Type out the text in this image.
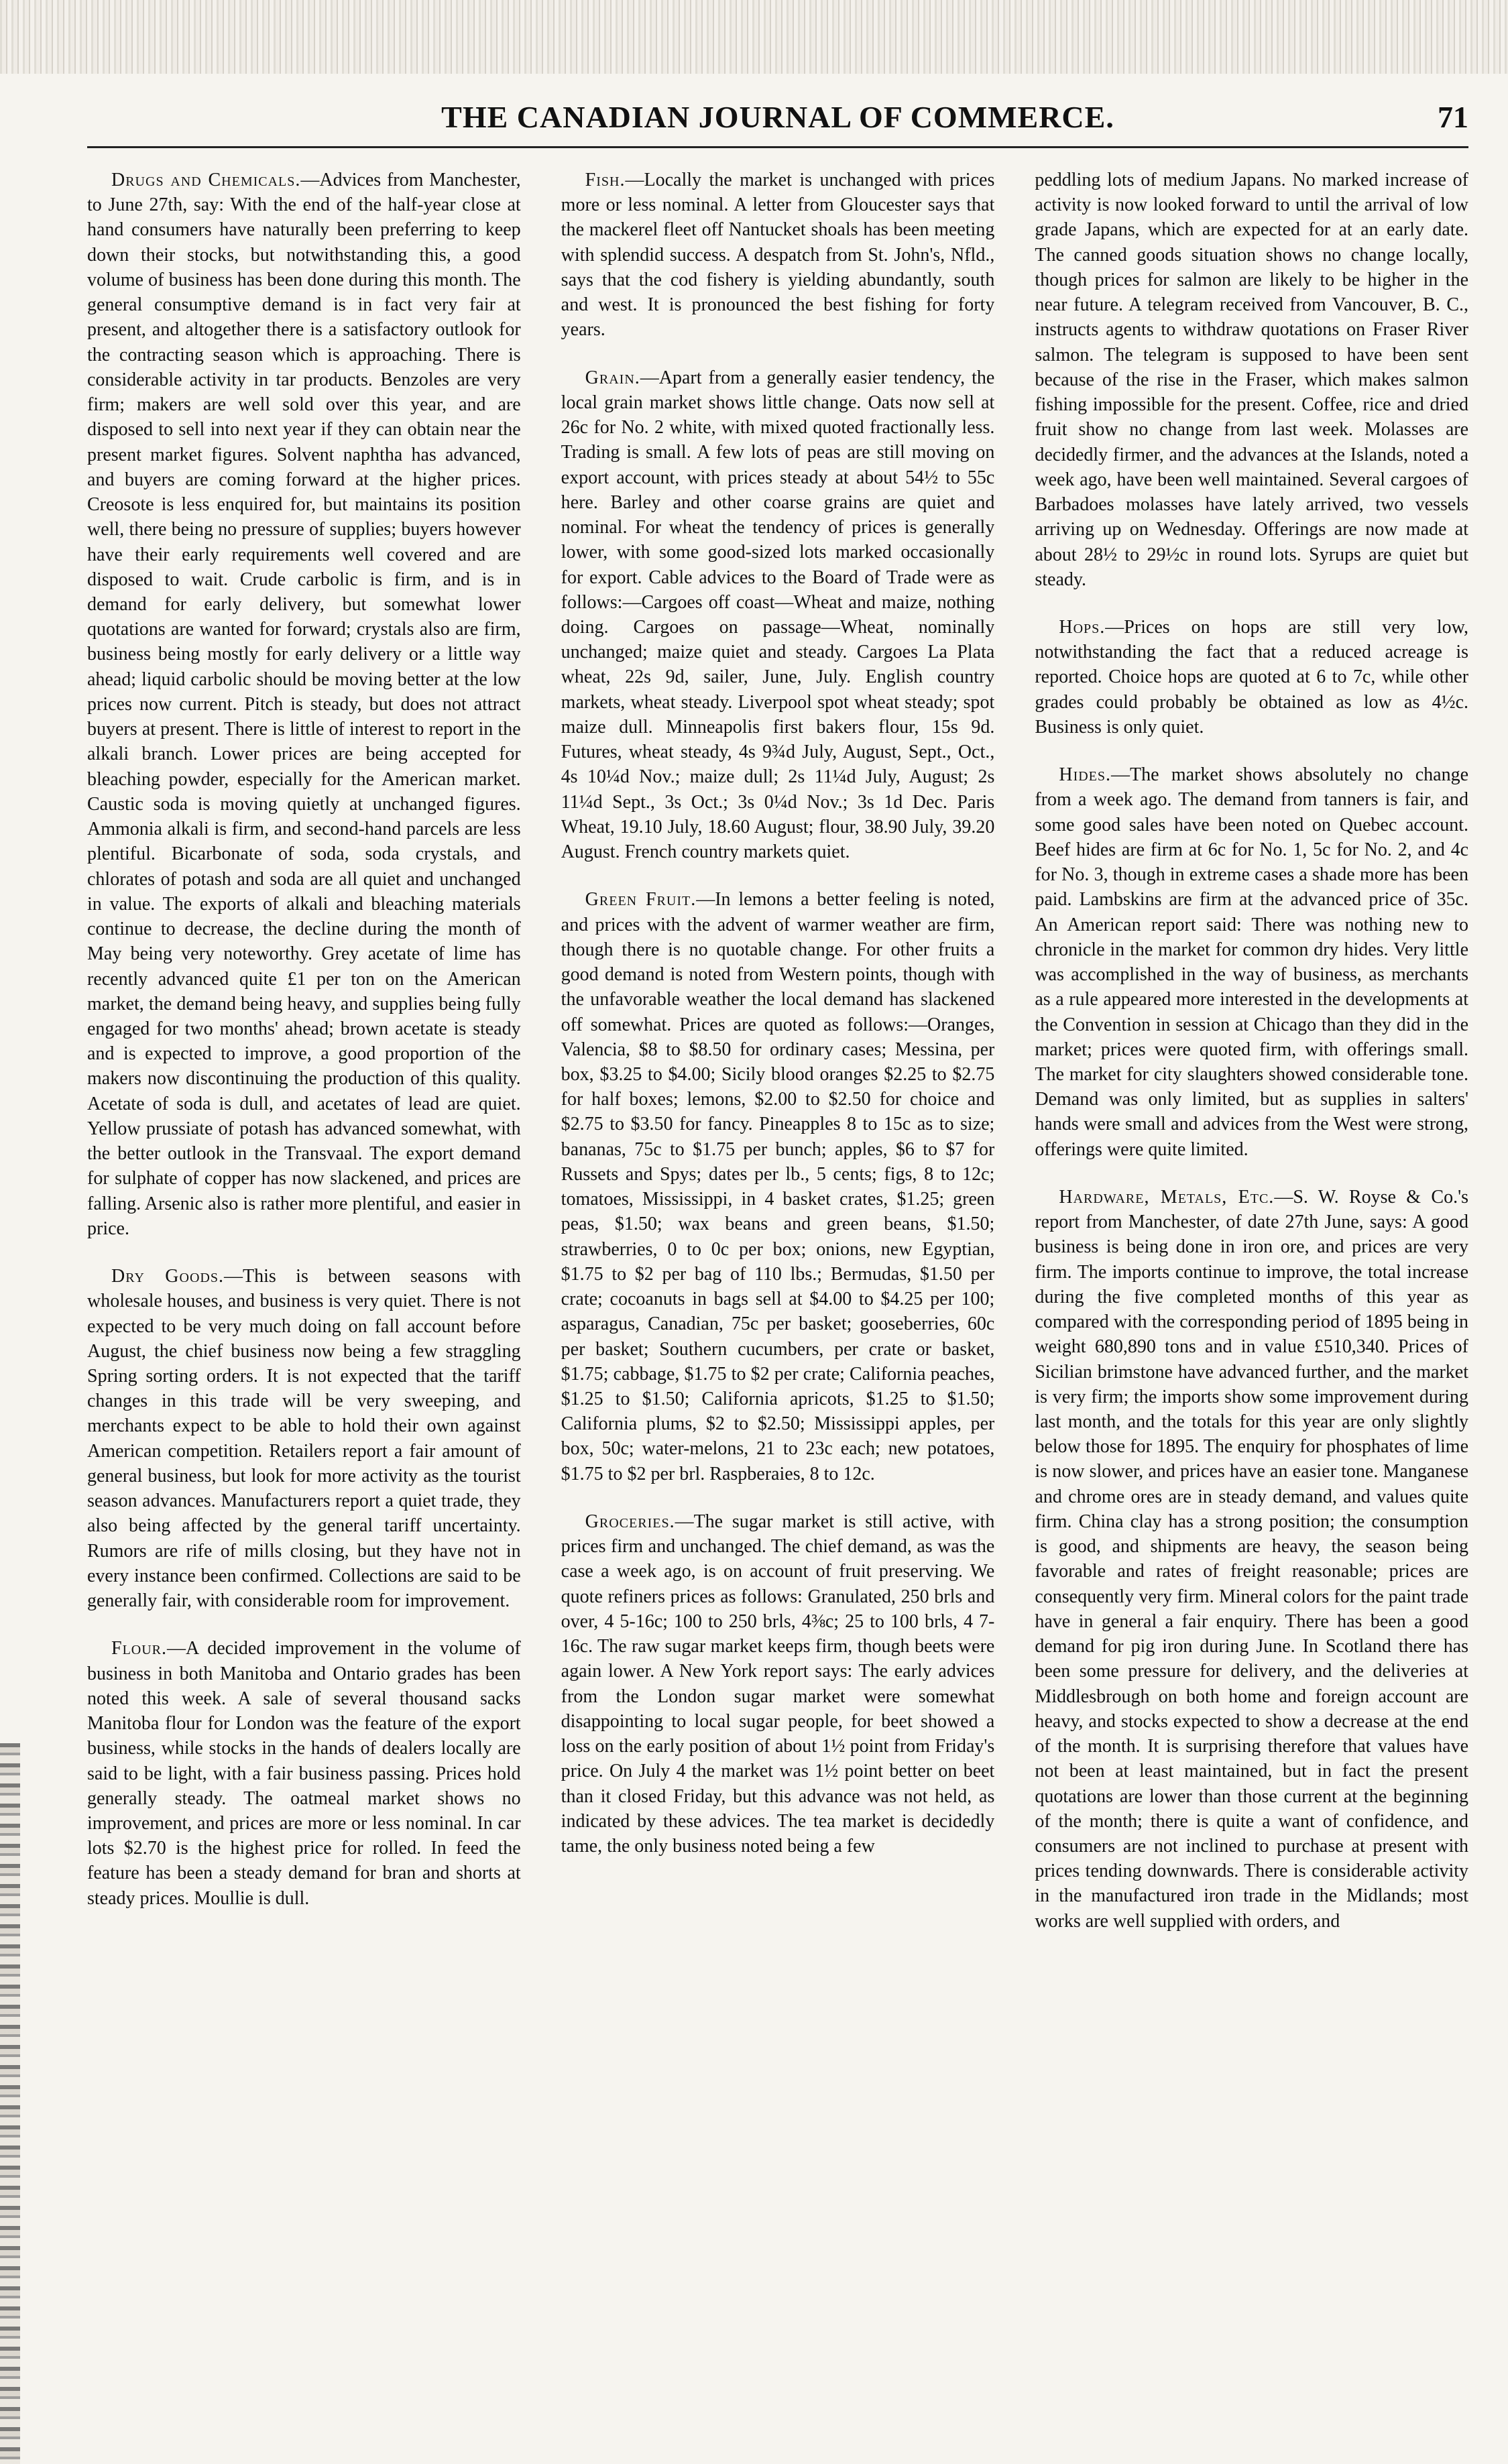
THE CANADIAN JOURNAL OF COMMERCE.	71

Drugs and Chemicals.—Advices from Manchester, to June 27th, say: With the end of the half-year close at hand consumers have naturally been preferring to keep down their stocks, but notwithstanding this, a good volume of business has been done during this month. The general consumptive demand is in fact very fair at present, and altogether there is a satisfactory outlook for the contracting season which is approaching. There is considerable activity in tar products. Benzoles are very firm; makers are well sold over this year, and are disposed to sell into next year if they can obtain near the present market figures. Solvent naphtha has advanced, and buyers are coming forward at the higher prices. Creosote is less enquired for, but maintains its position well, there being no pressure of supplies; buyers however have their early requirements well covered and are disposed to wait. Crude carbolic is firm, and is in demand for early delivery, but somewhat lower quotations are wanted for forward; crystals also are firm, business being mostly for early delivery or a little way ahead; liquid carbolic should be moving better at the low prices now current. Pitch is steady, but does not attract buyers at present. There is little of interest to report in the alkali branch. Lower prices are being accepted for bleaching powder, especially for the American market. Caustic soda is moving quietly at unchanged figures. Ammonia alkali is firm, and second-hand parcels are less plentiful. Bicarbonate of soda, soda crystals, and chlorates of potash and soda are all quiet and unchanged in value. The exports of alkali and bleaching materials continue to decrease, the decline during the month of May being very noteworthy. Grey acetate of lime has recently advanced quite £1 per ton on the American market, the demand being heavy, and supplies being fully engaged for two months' ahead; brown acetate is steady and is expected to improve, a good proportion of the makers now discontinuing the production of this quality. Acetate of soda is dull, and acetates of lead are quiet. Yellow prussiate of potash has advanced somewhat, with the better outlook in the Transvaal. The export demand for sulphate of copper has now slackened, and prices are falling. Arsenic also is rather more plentiful, and easier in price.

Dry Goods.—This is between seasons with wholesale houses, and business is very quiet. There is not expected to be very much doing on fall account before August, the chief business now being a few straggling Spring sorting orders. It is not expected that the tariff changes in this trade will be very sweeping, and merchants expect to be able to hold their own against American competition. Retailers report a fair amount of general business, but look for more activity as the tourist season advances. Manufacturers report a quiet trade, they also being affected by the general tariff uncertainty. Rumors are rife of mills closing, but they have not in every instance been confirmed. Collections are said to be generally fair, with considerable room for improvement.

Flour.—A decided improvement in the volume of business in both Manitoba and Ontario grades has been noted this week. A sale of several thousand sacks Manitoba flour for London was the feature of the export business, while stocks in the hands of dealers locally are said to be light, with a fair business passing. Prices hold generally steady. The oatmeal market shows no improvement, and prices are more or less nominal. In car lots $2.70 is the highest price for rolled. In feed the feature has been a steady demand for bran and shorts at steady prices. Moullie is dull.

Fish.—Locally the market is unchanged with prices more or less nominal. A letter from Gloucester says that the mackerel fleet off Nantucket shoals has been meeting with splendid success. A despatch from St. John's, Nfld., says that the cod fishery is yielding abundantly, south and west. It is pronounced the best fishing for forty years.

Grain.—Apart from a generally easier tendency, the local grain market shows little change. Oats now sell at 26c for No. 2 white, with mixed quoted fractionally less. Trading is small. A few lots of peas are still moving on export account, with prices steady at about 54½ to 55c here. Barley and other coarse grains are quiet and nominal. For wheat the tendency of prices is generally lower, with some good-sized lots marked occasionally for export. Cable advices to the Board of Trade were as follows:—Cargoes off coast—Wheat and maize, nothing doing. Cargoes on passage—Wheat, nominally unchanged; maize quiet and steady. Cargoes La Plata wheat, 22s 9d, sailer, June, July. English country markets, wheat steady. Liverpool spot wheat steady; spot maize dull. Minneapolis first bakers flour, 15s 9d. Futures, wheat steady, 4s 9¾d July, August, Sept., Oct., 4s 10¼d Nov.; maize dull; 2s 11¼d July, August; 2s 11¼d Sept., 3s Oct.; 3s 0¼d Nov.; 3s 1d Dec. Paris Wheat, 19.10 July, 18.60 August; flour, 38.90 July, 39.20 August. French country markets quiet.

Green Fruit.—In lemons a better feeling is noted, and prices with the advent of warmer weather are firm, though there is no quotable change. For other fruits a good demand is noted from Western points, though with the unfavorable weather the local demand has slackened off somewhat. Prices are quoted as follows:—Oranges, Valencia, $8 to $8.50 for ordinary cases; Messina, per box, $3.25 to $4.00; Sicily blood oranges $2.25 to $2.75 for half boxes; lemons, $2.00 to $2.50 for choice and $2.75 to $3.50 for fancy. Pineapples 8 to 15c as to size; bananas, 75c to $1.75 per bunch; apples, $6 to $7 for Russets and Spys; dates per lb., 5 cents; figs, 8 to 12c; tomatoes, Mississippi, in 4 basket crates, $1.25; green peas, $1.50; wax beans and green beans, $1.50; strawberries, 0 to 0c per box; onions, new Egyptian, $1.75 to $2 per bag of 110 lbs.; Bermudas, $1.50 per crate; cocoanuts in bags sell at $4.00 to $4.25 per 100; asparagus, Canadian, 75c per basket; gooseberries, 60c per basket; Southern cucumbers, per crate or basket, $1.75; cabbage, $1.75 to $2 per crate; California peaches, $1.25 to $1.50; California apricots, $1.25 to $1.50; California plums, $2 to $2.50; Mississippi apples, per box, 50c; water-melons, 21 to 23c each; new potatoes, $1.75 to $2 per brl. Raspberaies, 8 to 12c.

Groceries.—The sugar market is still active, with prices firm and unchanged. The chief demand, as was the case a week ago, is on account of fruit preserving. We quote refiners prices as follows: Granulated, 250 brls and over, 4 5-16c; 100 to 250 brls, 4⅜c; 25 to 100 brls, 4 7-16c. The raw sugar market keeps firm, though beets were again lower. A New York report says: The early advices from the London sugar market were somewhat disappointing to local sugar people, for beet showed a loss on the early position of about 1½ point from Friday's price. On July 4 the market was 1½ point better on beet than it closed Friday, but this advance was not held, as indicated by these advices. The tea market is decidedly tame, the only business noted being a few

peddling lots of medium Japans. No marked increase of activity is now looked forward to until the arrival of low grade Japans, which are expected for at an early date. The canned goods situation shows no change locally, though prices for salmon are likely to be higher in the near future. A telegram received from Vancouver, B. C., instructs agents to withdraw quotations on Fraser River salmon. The telegram is supposed to have been sent because of the rise in the Fraser, which makes salmon fishing impossible for the present. Coffee, rice and dried fruit show no change from last week. Molasses are decidedly firmer, and the advances at the Islands, noted a week ago, have been well maintained. Several cargoes of Barbadoes molasses have lately arrived, two vessels arriving up on Wednesday. Offerings are now made at about 28½ to 29½c in round lots. Syrups are quiet but steady.

Hops.—Prices on hops are still very low, notwithstanding the fact that a reduced acreage is reported. Choice hops are quoted at 6 to 7c, while other grades could probably be obtained as low as 4½c. Business is only quiet.

Hides.—The market shows absolutely no change from a week ago. The demand from tanners is fair, and some good sales have been noted on Quebec account. Beef hides are firm at 6c for No. 1, 5c for No. 2, and 4c for No. 3, though in extreme cases a shade more has been paid. Lambskins are firm at the advanced price of 35c. An American report said: There was nothing new to chronicle in the market for common dry hides. Very little was accomplished in the way of business, as merchants as a rule appeared more interested in the developments at the Convention in session at Chicago than they did in the market; prices were quoted firm, with offerings small. The market for city slaughters showed considerable tone. Demand was only limited, but as supplies in salters' hands were small and advices from the West were strong, offerings were quite limited.

Hardware, Metals, Etc.—S. W. Royse & Co.'s report from Manchester, of date 27th June, says: A good business is being done in iron ore, and prices are very firm. The imports continue to improve, the total increase during the five completed months of this year as compared with the corresponding period of 1895 being in weight 680,890 tons and in value £510,340. Prices of Sicilian brimstone have advanced further, and the market is very firm; the imports show some improvement during last month, and the totals for this year are only slightly below those for 1895. The enquiry for phosphates of lime is now slower, and prices have an easier tone. Manganese and chrome ores are in steady demand, and values quite firm. China clay has a strong position; the consumption is good, and shipments are heavy, the season being favorable and rates of freight reasonable; prices are consequently very firm. Mineral colors for the paint trade have in general a fair enquiry. There has been a good demand for pig iron during June. In Scotland there has been some pressure for delivery, and the deliveries at Middlesbrough on both home and foreign account are heavy, and stocks expected to show a decrease at the end of the month. It is surprising therefore that values have not been at least maintained, but in fact the present quotations are lower than those current at the beginning of the month; there is quite a want of confidence, and consumers are not inclined to purchase at present with prices tending downwards. There is considerable activity in the manufactured iron trade in the Midlands; most works are well supplied with orders, and
